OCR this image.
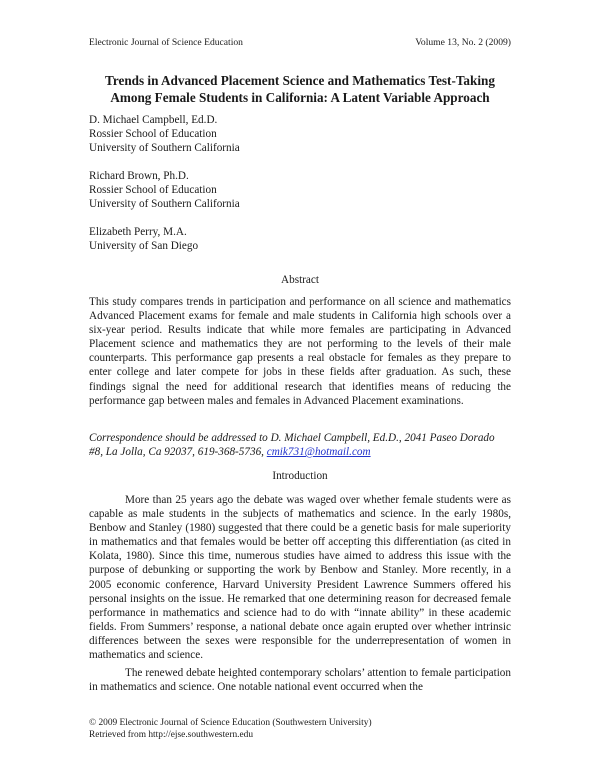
Electronic Journal of Science Education	Volume 13, No. 2 (2009)
Trends in Advanced Placement Science and Mathematics Test-Taking
Among Female Students in California: A Latent Variable Approach
D. Michael Campbell, Ed.D.
Rossier School of Education
University of Southern California
Richard Brown, Ph.D.
Rossier School of Education
University of Southern California
Elizabeth Perry, M.A.
University of San Diego
Abstract
This study compares trends in participation and performance on all science and mathematics Advanced Placement exams for female and male students in California high schools over a six-year period. Results indicate that while more females are participating in Advanced Placement science and mathematics they are not performing to the levels of their male counterparts. This performance gap presents a real obstacle for females as they prepare to enter college and later compete for jobs in these fields after graduation. As such, these findings signal the need for additional research that identifies means of reducing the performance gap between males and females in Advanced Placement examinations.
Correspondence should be addressed to D. Michael Campbell, Ed.D., 2041 Paseo Dorado #8, La Jolla, Ca 92037, 619-368-5736, cmik731@hotmail.com
Introduction
More than 25 years ago the debate was waged over whether female students were as capable as male students in the subjects of mathematics and science. In the early 1980s, Benbow and Stanley (1980) suggested that there could be a genetic basis for male superiority in mathematics and that females would be better off accepting this differentiation (as cited in Kolata, 1980). Since this time, numerous studies have aimed to address this issue with the purpose of debunking or supporting the work by Benbow and Stanley. More recently, in a 2005 economic conference, Harvard University President Lawrence Summers offered his personal insights on the issue. He remarked that one determining reason for decreased female performance in mathematics and science had to do with “innate ability” in these academic fields. From Summers’ response, a national debate once again erupted over whether intrinsic differences between the sexes were responsible for the underrepresentation of women in mathematics and science.
The renewed debate heighted contemporary scholars’ attention to female participation in mathematics and science. One notable national event occurred when the
© 2009 Electronic Journal of Science Education (Southwestern University)
Retrieved from http://ejse.southwestern.edu
